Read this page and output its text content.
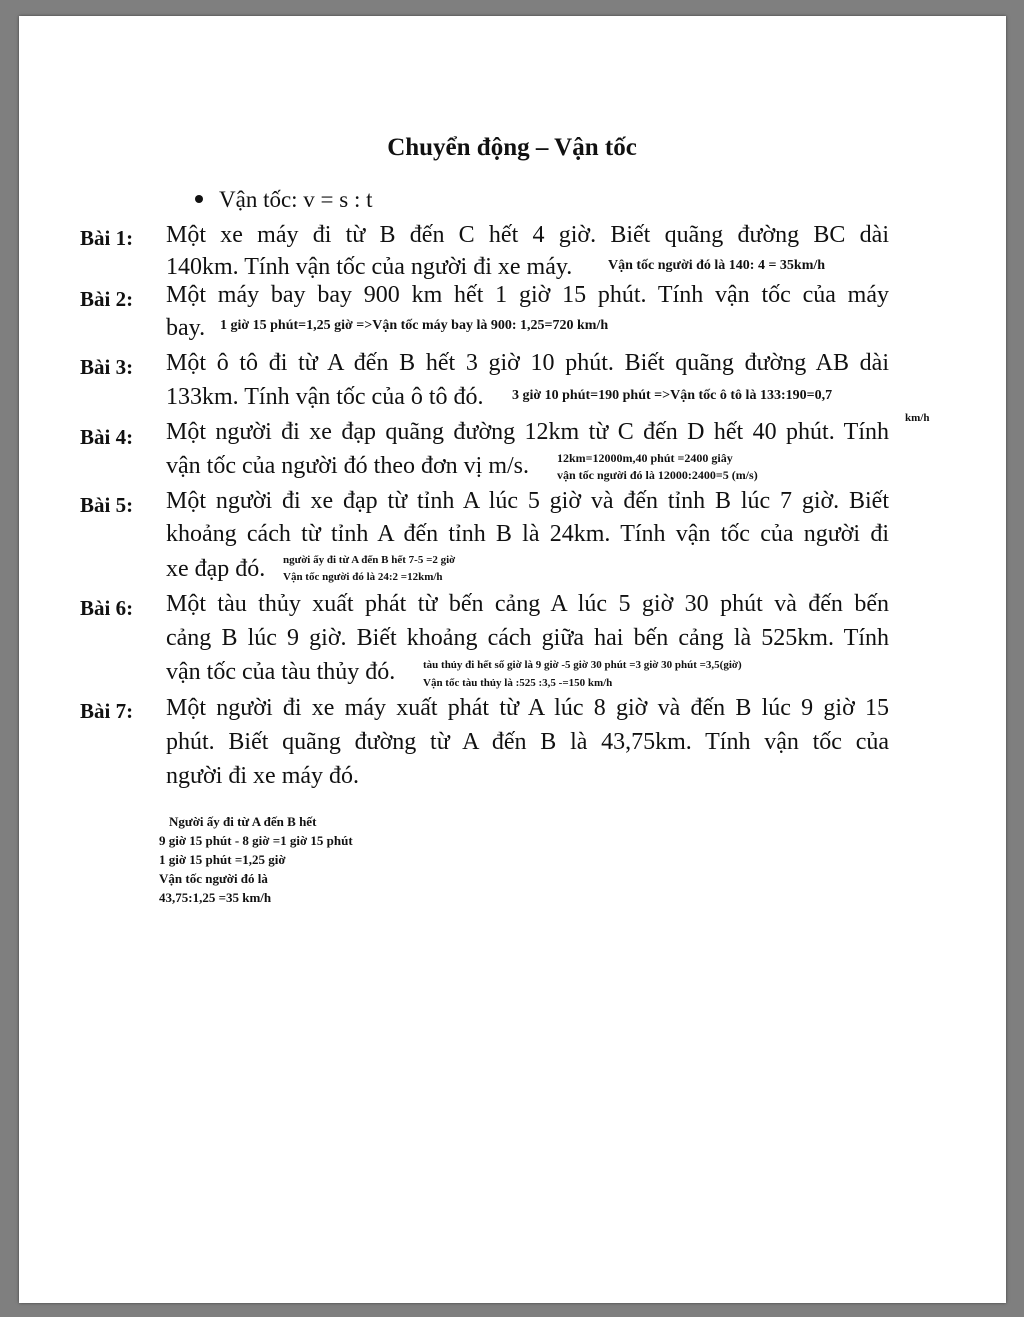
Chuyển động – Vận tốc
Vận tốc: v = s : t
Bài 1: Một xe máy đi từ B đến C hết 4 giờ. Biết quãng đường BC dài
140km. Tính vận tốc của người đi xe máy.	Vận tốc người đó là 140: 4 = 35km/h
Bài 2: Một máy bay bay 900 km hết 1 giờ 15 phút. Tính vận tốc của máy
bay. 1 giờ 15 phút=1,25 giờ =>Vận tốc máy bay là 900: 1,25=720 km/h
Bài 3: Một ô tô đi từ A đến B hết 3 giờ 10 phút. Biết quãng đường AB dài
133km. Tính vận tốc của ô tô đó. 3 giờ 10 phút=190 phút =>Vận tốc ô tô là 133:190=0,7
km/h
Bài 4: Một người đi xe đạp quãng đường 12km từ C đến D hết 40 phút. Tính
vận tốc của người đó theo đơn vị m/s. 12km=12000m,40 phút =2400 giây
vận tốc người đó là 12000:2400=5 (m/s)
Bài 5: Một người đi xe đạp từ tỉnh A lúc 5 giờ và đến tỉnh B lúc 7 giờ. Biết
khoảng cách từ tỉnh A đến tỉnh B là 24km. Tính vận tốc của người đi
xe đạp đó. người ấy đi từ A đến B hết 7-5 =2 giờ
Vận tốc người đó là 24:2 =12km/h
Bài 6: Một tàu thủy xuất phát từ bến cảng A lúc 5 giờ 30 phút và đến bến
cảng B lúc 9 giờ. Biết khoảng cách giữa hai bến cảng là 525km. Tính
vận tốc của tàu thủy đó.	tàu thủy đi hết số giờ là 9 giờ -5 giờ 30 phút =3 giờ 30 phút =3,5(giờ)
Vận tốc tàu thủy là :525 :3,5 -=150 km/h
Bài 7: Một người đi xe máy xuất phát từ A lúc 8 giờ và đến B lúc 9 giờ 15
phút. Biết quãng đường từ A đến B là 43,75km. Tính vận tốc của
người đi xe máy đó.
Người ấy đi từ A đến B hết
9 giờ 15 phút - 8 giờ =1 giờ 15 phút
1 giờ 15 phút =1,25 giờ
Vận tốc người đó là
43,75:1,25 =35 km/h
